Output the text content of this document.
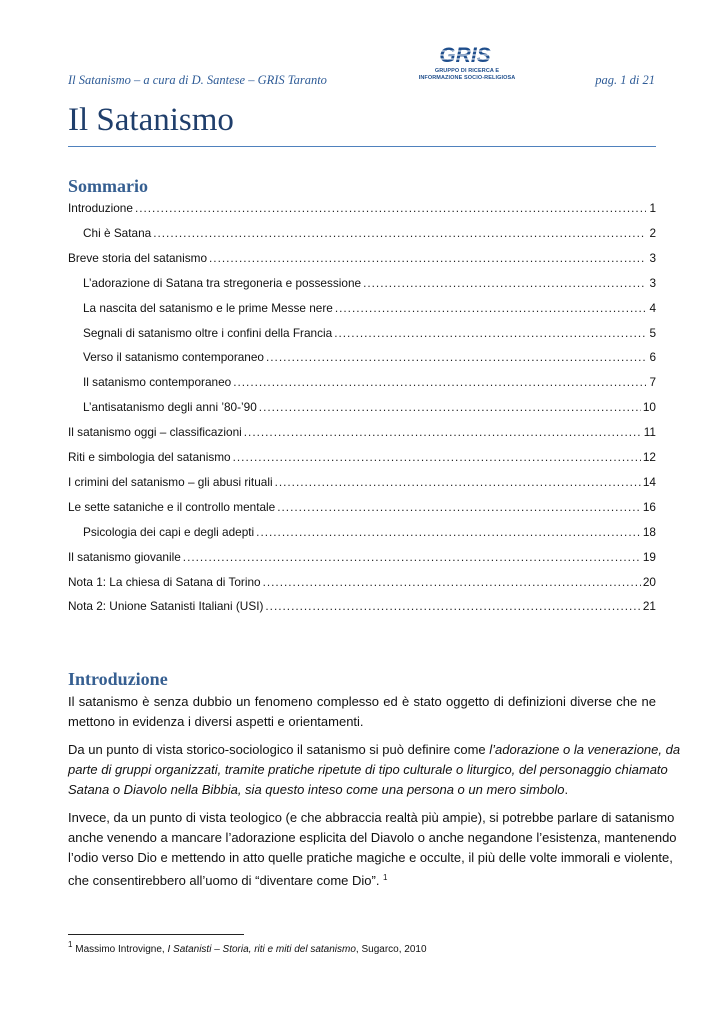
Il Satanismo – a cura di D. Santese – GRIS Taranto
GRIS
GRUPPO DI RICERCA E
INFORMAZIONE SOCIO-RELIGIOSA	pag. 1 di 21
Il Satanismo
Sommario
Introduzione .....	1
Chi è Satana .....	2
Breve storia del satanismo .....	3
L’adorazione di Satana tra stregoneria e possessione .....	3
La nascita del satanismo e le prime Messe nere .....	4
Segnali di satanismo oltre i confini della Francia .....	5
Verso il satanismo contemporaneo .....	6
Il satanismo contemporaneo .....	7
L’antisatanismo degli anni ’80-’90 .....	10
Il satanismo oggi – classificazioni .....	11
Riti e simbologia del satanismo .....	12
I crimini del satanismo – gli abusi rituali .....	14
Le sette sataniche e il controllo mentale .....	16
Psicologia dei capi e degli adepti .....	18
Il satanismo giovanile .....	19
Nota 1: La chiesa di Satana di Torino .....	20
Nota 2: Unione Satanisti Italiani (USI) .....	21
Introduzione
Il satanismo è senza dubbio un fenomeno complesso ed è stato oggetto di definizioni diverse che ne
mettono in evidenza i diversi aspetti e orientamenti.
Da un punto di vista storico-sociologico il satanismo si può definire come l’adorazione o la venerazione, da
parte di gruppi organizzati, tramite pratiche ripetute di tipo culturale o liturgico, del personaggio chiamato
Satana o Diavolo nella Bibbia, sia questo inteso come una persona o un mero simbolo.
Invece, da un punto di vista teologico (e che abbraccia realtà più ampie), si potrebbe parlare di satanismo
anche venendo a mancare l’adorazione esplicita del Diavolo o anche negandone l’esistenza, mantenendo
l’odio verso Dio e mettendo in atto quelle pratiche magiche e occulte, il più delle volte immorali e violente,
che consentirebbero all’uomo di “diventare come Dio”. $^1$
$^1$ Massimo Introvigne, I Satanisti – Storia, riti e miti del satanismo, Sugarco, 2010
